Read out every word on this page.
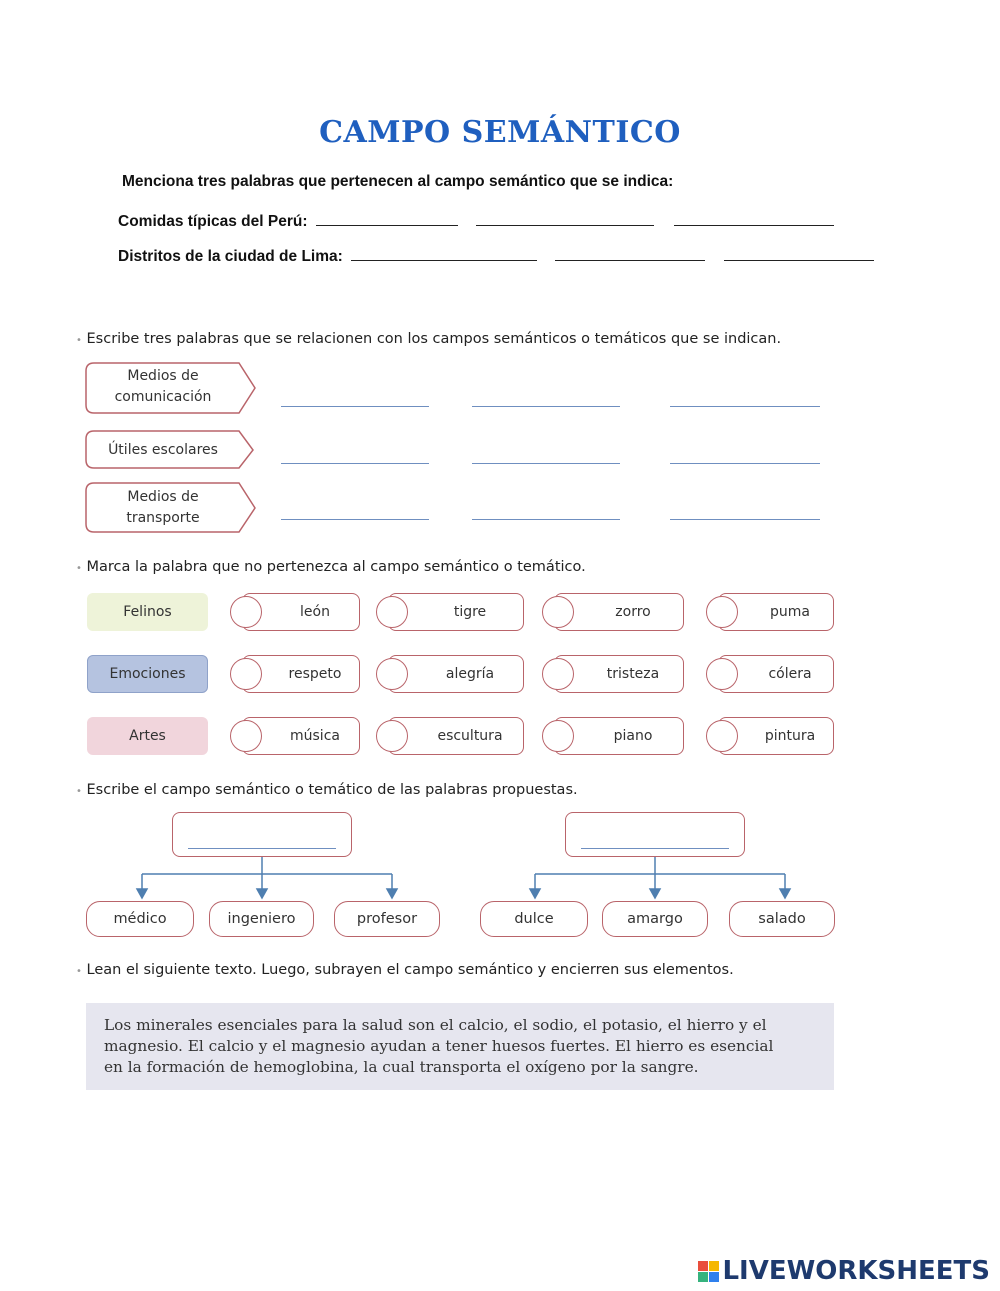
CAMPO SEMÁNTICO
Menciona tres palabras que pertenecen al campo semántico que se indica:
Comidas típicas del Perú:
Distritos de la ciudad de Lima:
• Escribe tres palabras que se relacionen con los campos semánticos o temáticos que se indican.
Medios de
comunicación
Útiles escolares
Medios de
transporte
• Marca la palabra que no pertenezca al campo semántico o temático.
Felinos	león	tigre	zorro	puma
Emociones	respeto	alegría	tristeza	cólera
Artes	música	escultura	piano	pintura
• Escribe el campo semántico o temático de las palabras propuestas.
médico	ingeniero	profesor	dulce	amargo	salado
• Lean el siguiente texto. Luego, subrayen el campo semántico y encierren sus elementos.
Los minerales esenciales para la salud son el calcio, el sodio, el potasio, el hierro y el
magnesio. El calcio y el magnesio ayudan a tener huesos fuertes. El hierro es esencial
en la formación de hemoglobina, la cual transporta el oxígeno por la sangre.
LIVEWORKSHEETS
